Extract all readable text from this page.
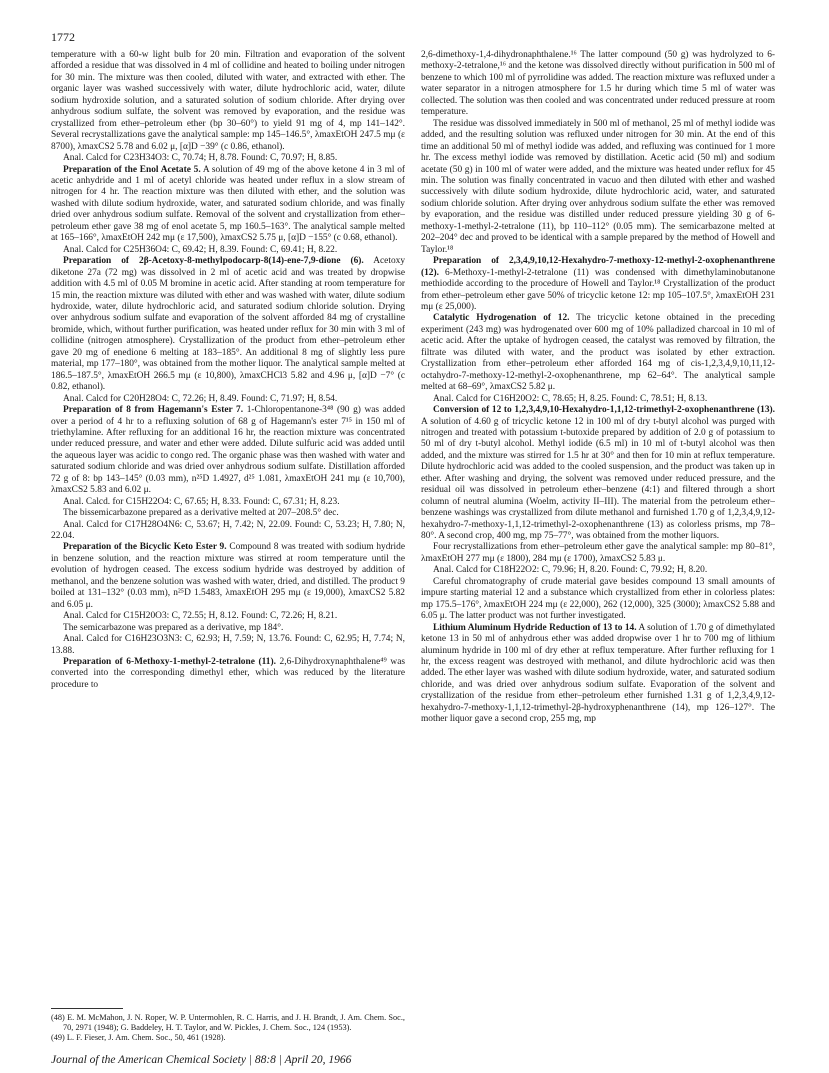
1772

temperature with a 60-w light bulb for 20 min. Filtration and evaporation of the solvent afforded a residue that was dissolved in 4 ml of collidine and heated to boiling under nitrogen for 30 min. The mixture was then cooled, diluted with water, and extracted with ether. The organic layer was washed successively with water, dilute hydrochloric acid, water, dilute sodium hydroxide solution, and a saturated solution of sodium chloride. After drying over anhydrous sodium sulfate, the solvent was removed by evaporation, and the residue was crystallized from ether–petroleum ether (bp 30–60°) to yield 91 mg of 4, mp 141–142°. Several recrystallizations gave the analytical sample: mp 145–146.5°, λmaxEtOH 247.5 mμ (ε 8700), λmaxCS2 5.78 and 6.02 μ, [α]D −39° (c 0.86, ethanol).

Anal. Calcd for C23H34O3: C, 70.74; H, 8.78. Found: C, 70.97; H, 8.85.

Preparation of the Enol Acetate 5. A solution of 49 mg of the above ketone 4 in 3 ml of acetic anhydride and 1 ml of acetyl chloride was heated under reflux in a slow stream of nitrogen for 4 hr. The reaction mixture was then diluted with ether, and the solution was washed with dilute sodium hydroxide, water, and saturated sodium chloride, and was finally dried over anhydrous sodium sulfate. Removal of the solvent and crystallization from ether–petroleum ether gave 38 mg of enol acetate 5, mp 160.5–163°. The analytical sample melted at 165–166°, λmaxEtOH 242 mμ (ε 17,500), λmaxCS2 5.75 μ, [α]D −155° (c 0.68, ethanol).

Anal. Calcd for C25H36O4: C, 69.42; H, 8.39. Found: C, 69.41; H, 8.22.

Preparation of 2β-Acetoxy-8-methylpodocarp-8(14)-ene-7,9-dione (6). Acetoxy diketone 27a (72 mg) was dissolved in 2 ml of acetic acid and was treated by dropwise addition with 4.5 ml of 0.05 M bromine in acetic acid. After standing at room temperature for 15 min, the reaction mixture was diluted with ether and was washed with water, dilute sodium hydroxide, water, dilute hydrochloric acid, and saturated sodium chloride solution. Drying over anhydrous sodium sulfate and evaporation of the solvent afforded 84 mg of crystalline bromide, which, without further purification, was heated under reflux for 30 min with 3 ml of collidine (nitrogen atmosphere). Crystallization of the product from ether–petroleum ether gave 20 mg of enedione 6 melting at 183–185°. An additional 8 mg of slightly less pure material, mp 177–180°, was obtained from the mother liquor. The analytical sample melted at 186.5–187.5°, λmaxEtOH 266.5 mμ (ε 10,800), λmaxCHCl3 5.82 and 4.96 μ, [α]D −7° (c 0.82, ethanol).

Anal. Calcd for C20H28O4: C, 72.26; H, 8.49. Found: C, 71.97; H, 8.54.

Preparation of 8 from Hagemann's Ester 7. 1-Chloropentanone-3⁴⁸ (90 g) was added over a period of 4 hr to a refluxing solution of 68 g of Hagemann's ester 7¹⁵ in 150 ml of triethylamine. After refluxing for an additional 16 hr, the reaction mixture was concentrated under reduced pressure, and water and ether were added. Dilute sulfuric acid was added until the aqueous layer was acidic to congo red. The organic phase was then washed with water and saturated sodium chloride and was dried over anhydrous sodium sulfate. Distillation afforded 72 g of 8: bp 143–145° (0.03 mm), n²⁵D 1.4927, d²⁵ 1.081, λmaxEtOH 241 mμ (ε 10,700), λmaxCS2 5.83 and 6.02 μ.

Anal. Calcd. for C15H22O4: C, 67.65; H, 8.33. Found: C, 67.31; H, 8.23.

The bissemicarbazone prepared as a derivative melted at 207–208.5° dec.

Anal. Calcd for C17H28O4N6: C, 53.67; H, 7.42; N, 22.09. Found: C, 53.23; H, 7.80; N, 22.04.

Preparation of the Bicyclic Keto Ester 9. Compound 8 was treated with sodium hydride in benzene solution, and the reaction mixture was stirred at room temperature until the evolution of hydrogen ceased. The excess sodium hydride was destroyed by addition of methanol, and the benzene solution was washed with water, dried, and distilled. The product 9 boiled at 131–132° (0.03 mm), n²⁵D 1.5483, λmaxEtOH 295 mμ (ε 19,000), λmaxCS2 5.82 and 6.05 μ.

Anal. Calcd for C15H20O3: C, 72.55; H, 8.12. Found: C, 72.26; H, 8.21.

The semicarbazone was prepared as a derivative, mp 184°.

Anal. Calcd for C16H23O3N3: C, 62.93; H, 7.59; N, 13.76. Found: C, 62.95; H, 7.74; N, 13.88.

Preparation of 6-Methoxy-1-methyl-2-tetralone (11). 2,6-Dihydroxynaphthalene⁴⁹ was converted into the corresponding dimethyl ether, which was reduced by the literature procedure to

2,6-dimethoxy-1,4-dihydronaphthalene.¹⁶ The latter compound (50 g) was hydrolyzed to 6-methoxy-2-tetralone,¹⁶ and the ketone was dissolved directly without purification in 500 ml of benzene to which 100 ml of pyrrolidine was added. The reaction mixture was refluxed under a water separator in a nitrogen atmosphere for 1.5 hr during which time 5 ml of water was collected. The solution was then cooled and was concentrated under reduced pressure at room temperature.

The residue was dissolved immediately in 500 ml of methanol, 25 ml of methyl iodide was added, and the resulting solution was refluxed under nitrogen for 30 min. At the end of this time an additional 50 ml of methyl iodide was added, and refluxing was continued for 1 more hr. The excess methyl iodide was removed by distillation. Acetic acid (50 ml) and sodium acetate (50 g) in 100 ml of water were added, and the mixture was heated under reflux for 45 min. The solution was finally concentrated in vacuo and then diluted with ether and washed successively with dilute sodium hydroxide, dilute hydrochloric acid, water, and saturated sodium chloride solution. After drying over anhydrous sodium sulfate the ether was removed by evaporation, and the residue was distilled under reduced pressure yielding 30 g of 6-methoxy-1-methyl-2-tetralone (11), bp 110–112° (0.05 mm). The semicarbazone melted at 202–204° dec and proved to be identical with a sample prepared by the method of Howell and Taylor.¹⁸

Preparation of 2,3,4,9,10,12-Hexahydro-7-methoxy-12-methyl-2-oxophenanthrene (12). 6-Methoxy-1-methyl-2-tetralone (11) was condensed with dimethylaminobutanone methiodide according to the procedure of Howell and Taylor.¹⁸ Crystallization of the product from ether–petroleum ether gave 50% of tricyclic ketone 12: mp 105–107.5°, λmaxEtOH 231 mμ (ε 25,000).

Catalytic Hydrogenation of 12. The tricyclic ketone obtained in the preceding experiment (243 mg) was hydrogenated over 600 mg of 10% palladized charcoal in 10 ml of acetic acid. After the uptake of hydrogen ceased, the catalyst was removed by filtration, the filtrate was diluted with water, and the product was isolated by ether extraction. Crystallization from ether–petroleum ether afforded 164 mg of cis-1,2,3,4,9,10,11,12-octahydro-7-methoxy-12-methyl-2-oxophenanthrene, mp 62–64°. The analytical sample melted at 68–69°, λmaxCS2 5.82 μ.

Anal. Calcd for C16H20O2: C, 78.65; H, 8.25. Found: C, 78.51; H, 8.13.

Conversion of 12 to 1,2,3,4,9,10-Hexahydro-1,1,12-trimethyl-2-oxophenanthrene (13). A solution of 4.60 g of tricyclic ketone 12 in 100 ml of dry t-butyl alcohol was purged with nitrogen and treated with potassium t-butoxide prepared by addition of 2.0 g of potassium to 50 ml of dry t-butyl alcohol. Methyl iodide (6.5 ml) in 10 ml of t-butyl alcohol was then added, and the mixture was stirred for 1.5 hr at 30° and then for 10 min at reflux temperature. Dilute hydrochloric acid was added to the cooled suspension, and the product was taken up in ether. After washing and drying, the solvent was removed under reduced pressure, and the residual oil was dissolved in petroleum ether–benzene (4:1) and filtered through a short column of neutral alumina (Woelm, activity II–III). The material from the petroleum ether–benzene washings was crystallized from dilute methanol and furnished 1.70 g of 1,2,3,4,9,12-hexahydro-7-methoxy-1,1,12-trimethyl-2-oxophenanthrene (13) as colorless prisms, mp 78–80°. A second crop, 400 mg, mp 75–77°, was obtained from the mother liquors.

Four recrystallizations from ether–petroleum ether gave the analytical sample: mp 80–81°, λmaxEtOH 277 mμ (ε 1800), 284 mμ (ε 1700), λmaxCS2 5.83 μ.

Anal. Calcd for C18H22O2: C, 79.96; H, 8.20. Found: C, 79.92; H, 8.20.

Careful chromatography of crude material gave besides compound 13 small amounts of impure starting material 12 and a substance which crystallized from ether in colorless plates: mp 175.5–176°, λmaxEtOH 224 mμ (ε 22,000), 262 (12,000), 325 (3000); λmaxCS2 5.88 and 6.05 μ. The latter product was not further investigated.

Lithium Aluminum Hydride Reduction of 13 to 14. A solution of 1.70 g of dimethylated ketone 13 in 50 ml of anhydrous ether was added dropwise over 1 hr to 700 mg of lithium aluminum hydride in 100 ml of dry ether at reflux temperature. After further refluxing for 1 hr, the excess reagent was destroyed with methanol, and dilute hydrochloric acid was then added. The ether layer was washed with dilute sodium hydroxide, water, and saturated sodium chloride, and was dried over anhydrous sodium sulfate. Evaporation of the solvent and crystallization of the residue from ether–petroleum ether furnished 1.31 g of 1,2,3,4,9,12-hexahydro-7-methoxy-1,1,12-trimethyl-2β-hydroxyphenanthrene (14), mp 126–127°. The mother liquor gave a second crop, 255 mg, mp

(48) E. M. McMahon, J. N. Roper, W. P. Untermohlen, R. C. Harris, and J. H. Brandt, J. Am. Chem. Soc., 70, 2971 (1948); G. Baddeley, H. T. Taylor, and W. Pickles, J. Chem. Soc., 124 (1953).

(49) L. F. Fieser, J. Am. Chem. Soc., 50, 461 (1928).

Journal of the American Chemical Society | 88:8 | April 20, 1966
